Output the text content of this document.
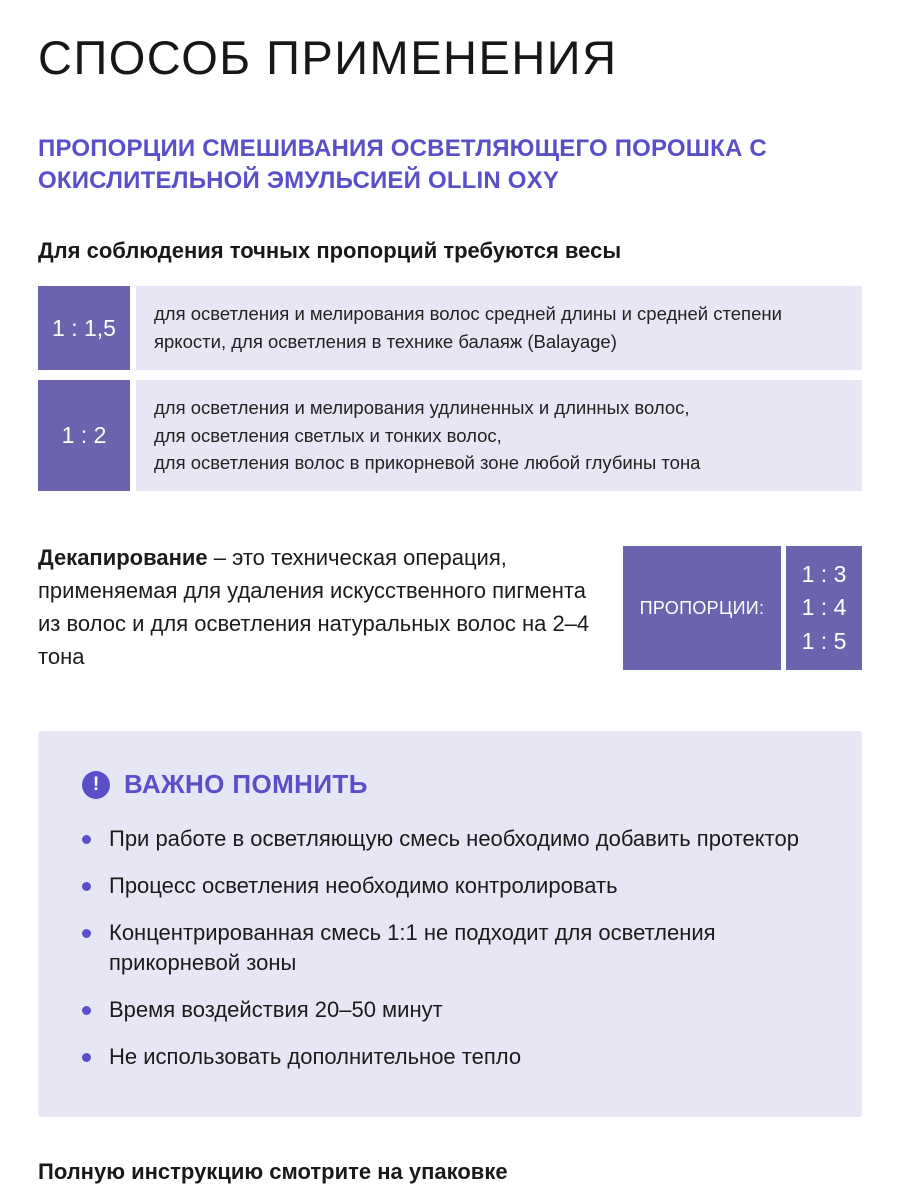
СПОСОБ ПРИМЕНЕНИЯ
ПРОПОРЦИИ СМЕШИВАНИЯ ОСВЕТЛЯЮЩЕГО ПОРОШКА С ОКИСЛИТЕЛЬНОЙ ЭМУЛЬСИЕЙ OLLIN OXY
Для соблюдения точных пропорций требуются весы
1 : 1,5
для осветления и мелирования волос средней длины и средней степени яркости, для осветления в технике балаяж (Balayage)
1 : 2
для осветления и мелирования удлиненных и длинных волос,
для осветления светлых и тонких волос,
для осветления волос в прикорневой зоне любой глубины тона
Декапирование – это техническая операция, применяемая для удаления искусственного пигмента из волос и для осветления натуральных волос на 2–4 тона
ПРОПОРЦИИ:
1 : 3
1 : 4
1 : 5
! ВАЖНО ПОМНИТЬ
При работе в осветляющую смесь необходимо добавить протектор
Процесс осветления необходимо контролировать
Концентрированная смесь 1:1 не подходит для осветления прикорневой зоны
Время воздействия 20–50 минут
Не использовать дополнительное тепло
Полную инструкцию смотрите на упаковке
